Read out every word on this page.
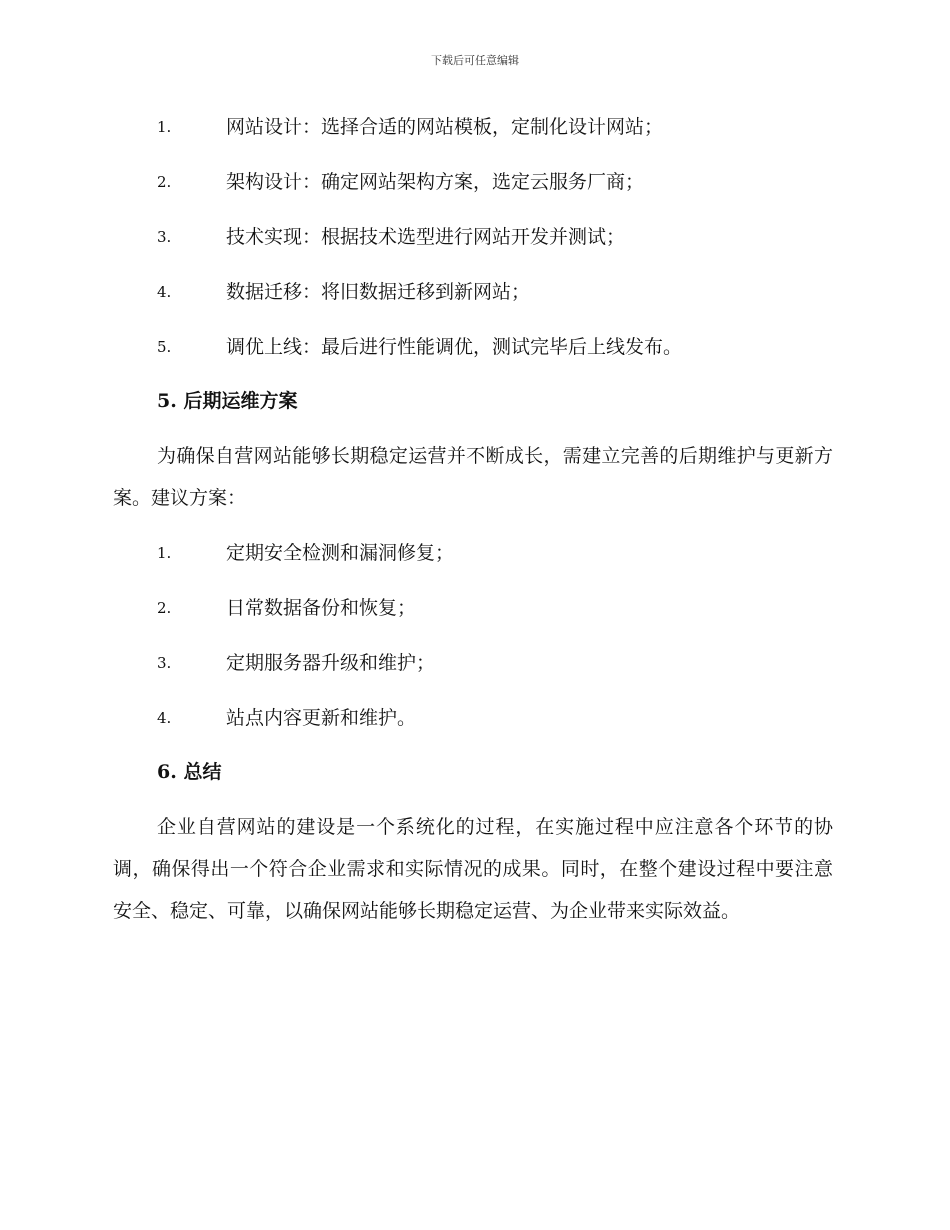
下载后可任意编辑
1.	网站设计：选择合适的网站模板，定制化设计网站；
2.	架构设计：确定网站架构方案，选定云服务厂商；
3.	技术实现：根据技术选型进行网站开发并测试；
4.	数据迁移：将旧数据迁移到新网站；
5.	调优上线：最后进行性能调优，测试完毕后上线发布。
5. 后期运维方案
为确保自营网站能够长期稳定运营并不断成长，需建立完善的后期维护与更新方案。建议方案：
1.	定期安全检测和漏洞修复；
2.	日常数据备份和恢复；
3.	定期服务器升级和维护；
4.	站点内容更新和维护。
6. 总结
企业自营网站的建设是一个系统化的过程，在实施过程中应注意各个环节的协调，确保得出一个符合企业需求和实际情况的成果。同时，在整个建设过程中要注意安全、稳定、可靠，以确保网站能够长期稳定运营、为企业带来实际效益。
